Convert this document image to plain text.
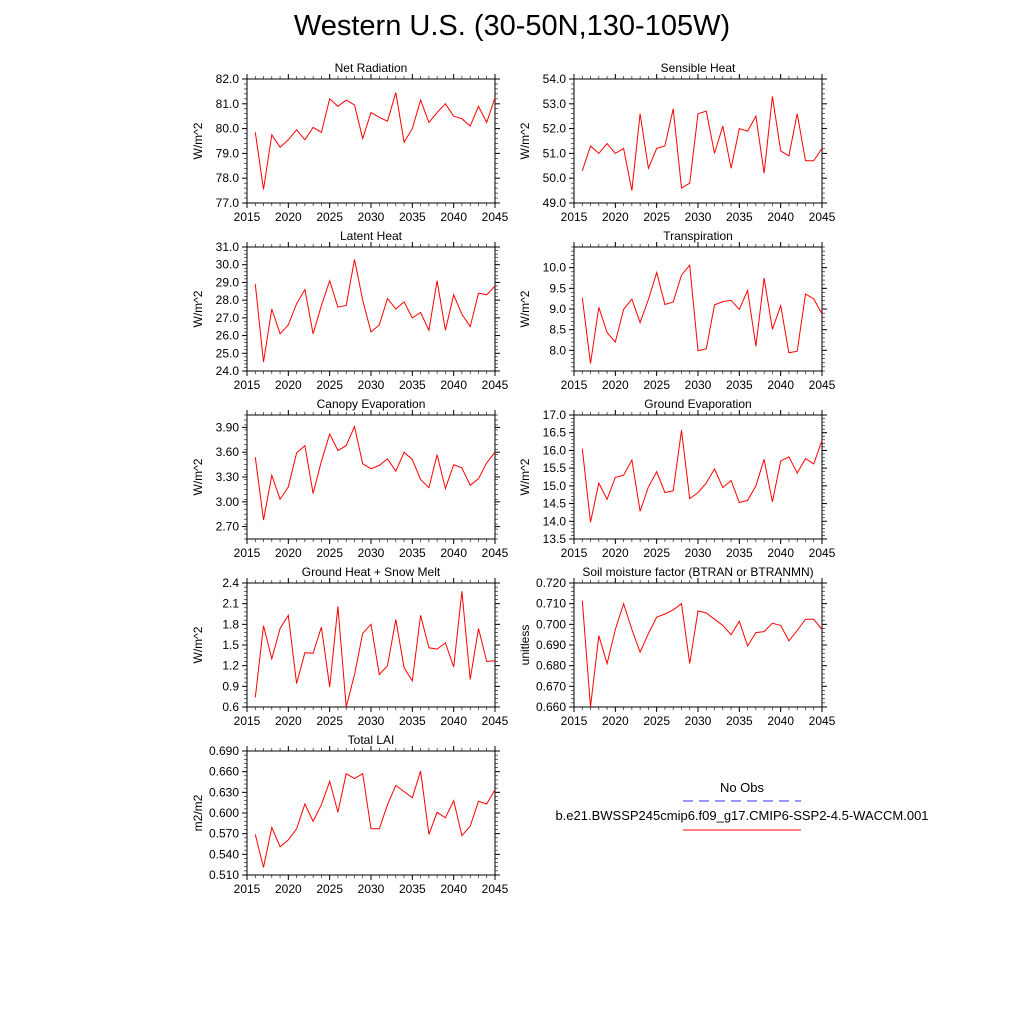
Western U.S. (30-50N,130-105W)
77.0
78.0
79.0
80.0
81.0
82.0
2015 2020 2025 2030 2035 2040 2045
Net Radiation
W/m^2
49.0
50.0
51.0
52.0
53.0
54.0
2015 2020 2025 2030 2035 2040 2045
Sensible Heat
W/m^2
24.0
25.0
26.0
27.0
28.0
29.0
30.0
31.0
2015 2020 2025 2030 2035 2040 2045
Latent Heat
W/m^2
8.0
8.5
9.0
9.5
10.0
2015 2020 2025 2030 2035 2040 2045
Transpiration
W/m^2
2.70
3.00
3.30
3.60
3.90
2015 2020 2025 2030 2035 2040 2045
Canopy Evaporation
W/m^2
13.5
14.0
14.5
15.0
15.5
16.0
16.5
17.0
2015 2020 2025 2030 2035 2040 2045
Ground Evaporation
W/m^2
0.6
0.9
1.2
1.5
1.8
2.1
2.4
2015 2020 2025 2030 2035 2040 2045
Ground Heat + Snow Melt
W/m^2
0.660
0.670
0.680
0.690
0.700
0.710
0.720
2015 2020 2025 2030 2035 2040 2045
Soil moisture factor (BTRAN or BTRANMN)
unitless
0.510
0.540
0.570
0.600
0.630
0.660
0.690
2015 2020 2025 2030 2035 2040 2045
Total LAI
m2/m2
No Obs
b.e21.BWSSP245cmip6.f09_g17.CMIP6-SSP2-4.5-WACCM.001
